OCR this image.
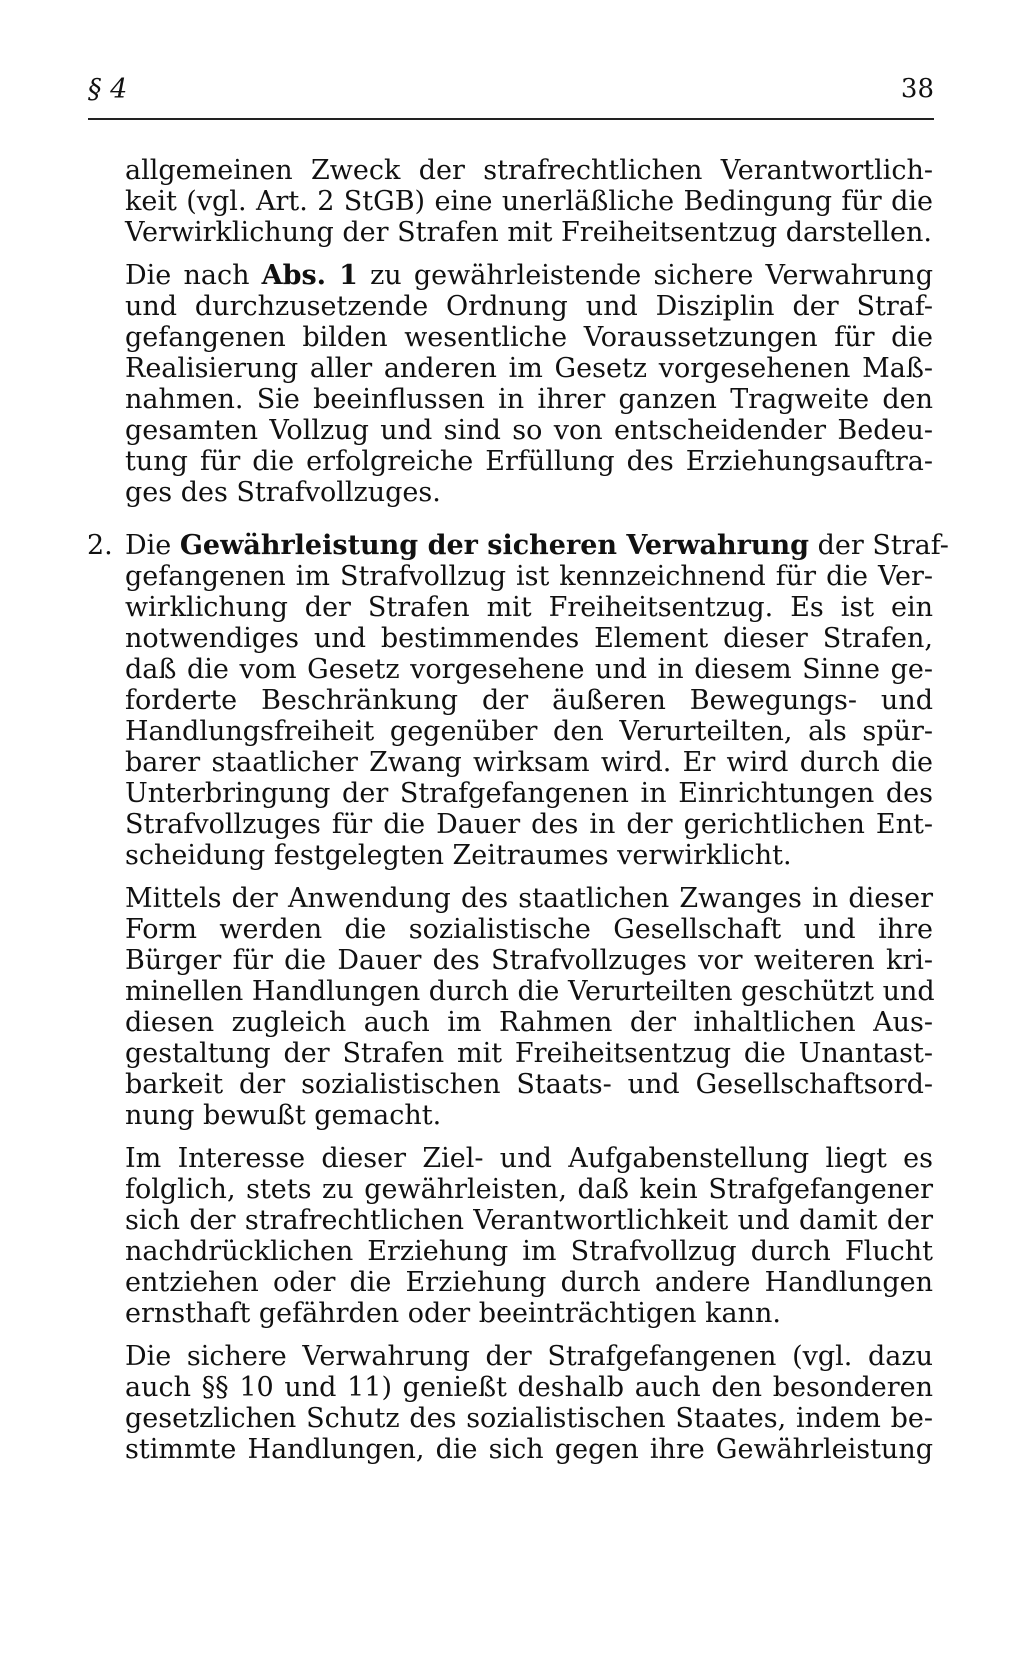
§ 4	38
allgemeinen Zweck der strafrechtlichen Verantwortlich-
keit (vgl. Art. 2 StGB) eine unerläßliche Bedingung für die
Verwirklichung der Strafen mit Freiheitsentzug darstellen.
Die nach Abs. 1 zu gewährleistende sichere Verwahrung
und durchzusetzende Ordnung und Disziplin der Straf-
gefangenen bilden wesentliche Voraussetzungen für die
Realisierung aller anderen im Gesetz vorgesehenen Maß-
nahmen. Sie beeinflussen in ihrer ganzen Tragweite den
gesamten Vollzug und sind so von entscheidender Bedeu-
tung für die erfolgreiche Erfüllung des Erziehungsauftra-
ges des Strafvollzuges.
2. Die Gewährleistung der sicheren Verwahrung der Straf-
gefangenen im Strafvollzug ist kennzeichnend für die Ver-
wirklichung der Strafen mit Freiheitsentzug. Es ist ein
notwendiges und bestimmendes Element dieser Strafen,
daß die vom Gesetz vorgesehene und in diesem Sinne ge-
forderte Beschränkung der äußeren Bewegungs- und
Handlungsfreiheit gegenüber den Verurteilten, als spür-
barer staatlicher Zwang wirksam wird. Er wird durch die
Unterbringung der Strafgefangenen in Einrichtungen des
Strafvollzuges für die Dauer des in der gerichtlichen Ent-
scheidung festgelegten Zeitraumes verwirklicht.
Mittels der Anwendung des staatlichen Zwanges in dieser
Form werden die sozialistische Gesellschaft und ihre
Bürger für die Dauer des Strafvollzuges vor weiteren kri-
minellen Handlungen durch die Verurteilten geschützt und
diesen zugleich auch im Rahmen der inhaltlichen Aus-
gestaltung der Strafen mit Freiheitsentzug die Unantast-
barkeit der sozialistischen Staats- und Gesellschaftsord-
nung bewußt gemacht.
Im Interesse dieser Ziel- und Aufgabenstellung liegt es
folglich, stets zu gewährleisten, daß kein Strafgefangener
sich der strafrechtlichen Verantwortlichkeit und damit der
nachdrücklichen Erziehung im Strafvollzug durch Flucht
entziehen oder die Erziehung durch andere Handlungen
ernsthaft gefährden oder beeinträchtigen kann.
Die sichere Verwahrung der Strafgefangenen (vgl. dazu
auch §§ 10 und 11) genießt deshalb auch den besonderen
gesetzlichen Schutz des sozialistischen Staates, indem be-
stimmte Handlungen, die sich gegen ihre Gewährleistung
